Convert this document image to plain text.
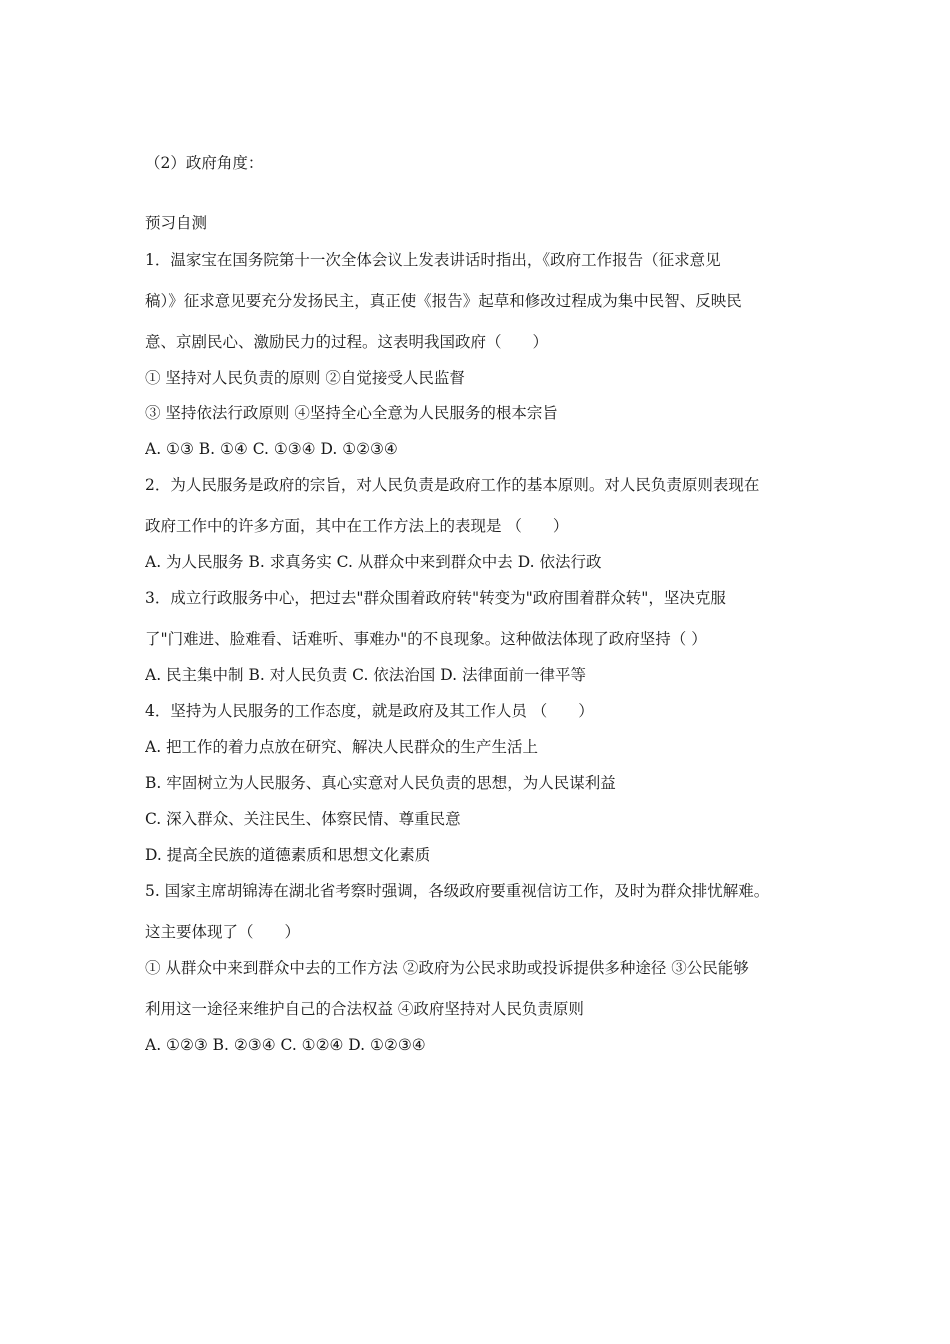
（2）政府角度：
预习自测
1．温家宝在国务院第十一次全体会议上发表讲话时指出，《政府工作报告（征求意见
稿）》征求意见要充分发扬民主，真正使《报告》起草和修改过程成为集中民智、反映民
意、京剧民心、激励民力的过程。这表明我国政府（　　）
① 坚持对人民负责的原则 ②自觉接受人民监督
③ 坚持依法行政原则 ④坚持全心全意为人民服务的根本宗旨
A. ①③ B. ①④ C. ①③④ D. ①②③④
2．为人民服务是政府的宗旨，对人民负责是政府工作的基本原则。对人民负责原则表现在
政府工作中的许多方面，其中在工作方法上的表现是 （　　）
A. 为人民服务 B. 求真务实 C. 从群众中来到群众中去 D. 依法行政
3．成立行政服务中心，把过去"群众围着政府转"转变为"政府围着群众转"，坚决克服
了"门难进、脸难看、话难听、事难办"的不良现象。这种做法体现了政府坚持（ ）
A. 民主集中制 B. 对人民负责 C. 依法治国 D. 法律面前一律平等
4．坚持为人民服务的工作态度，就是政府及其工作人员 （　　）
A. 把工作的着力点放在研究、解决人民群众的生产生活上
B. 牢固树立为人民服务、真心实意对人民负责的思想，为人民谋利益
C. 深入群众、关注民生、体察民情、尊重民意
D. 提高全民族的道德素质和思想文化素质
5. 国家主席胡锦涛在湖北省考察时强调，各级政府要重视信访工作，及时为群众排忧解难。
这主要体现了（　　）
① 从群众中来到群众中去的工作方法 ②政府为公民求助或投诉提供多种途径 ③公民能够
利用这一途径来维护自己的合法权益 ④政府坚持对人民负责原则
A. ①②③ B. ②③④ C. ①②④ D. ①②③④
